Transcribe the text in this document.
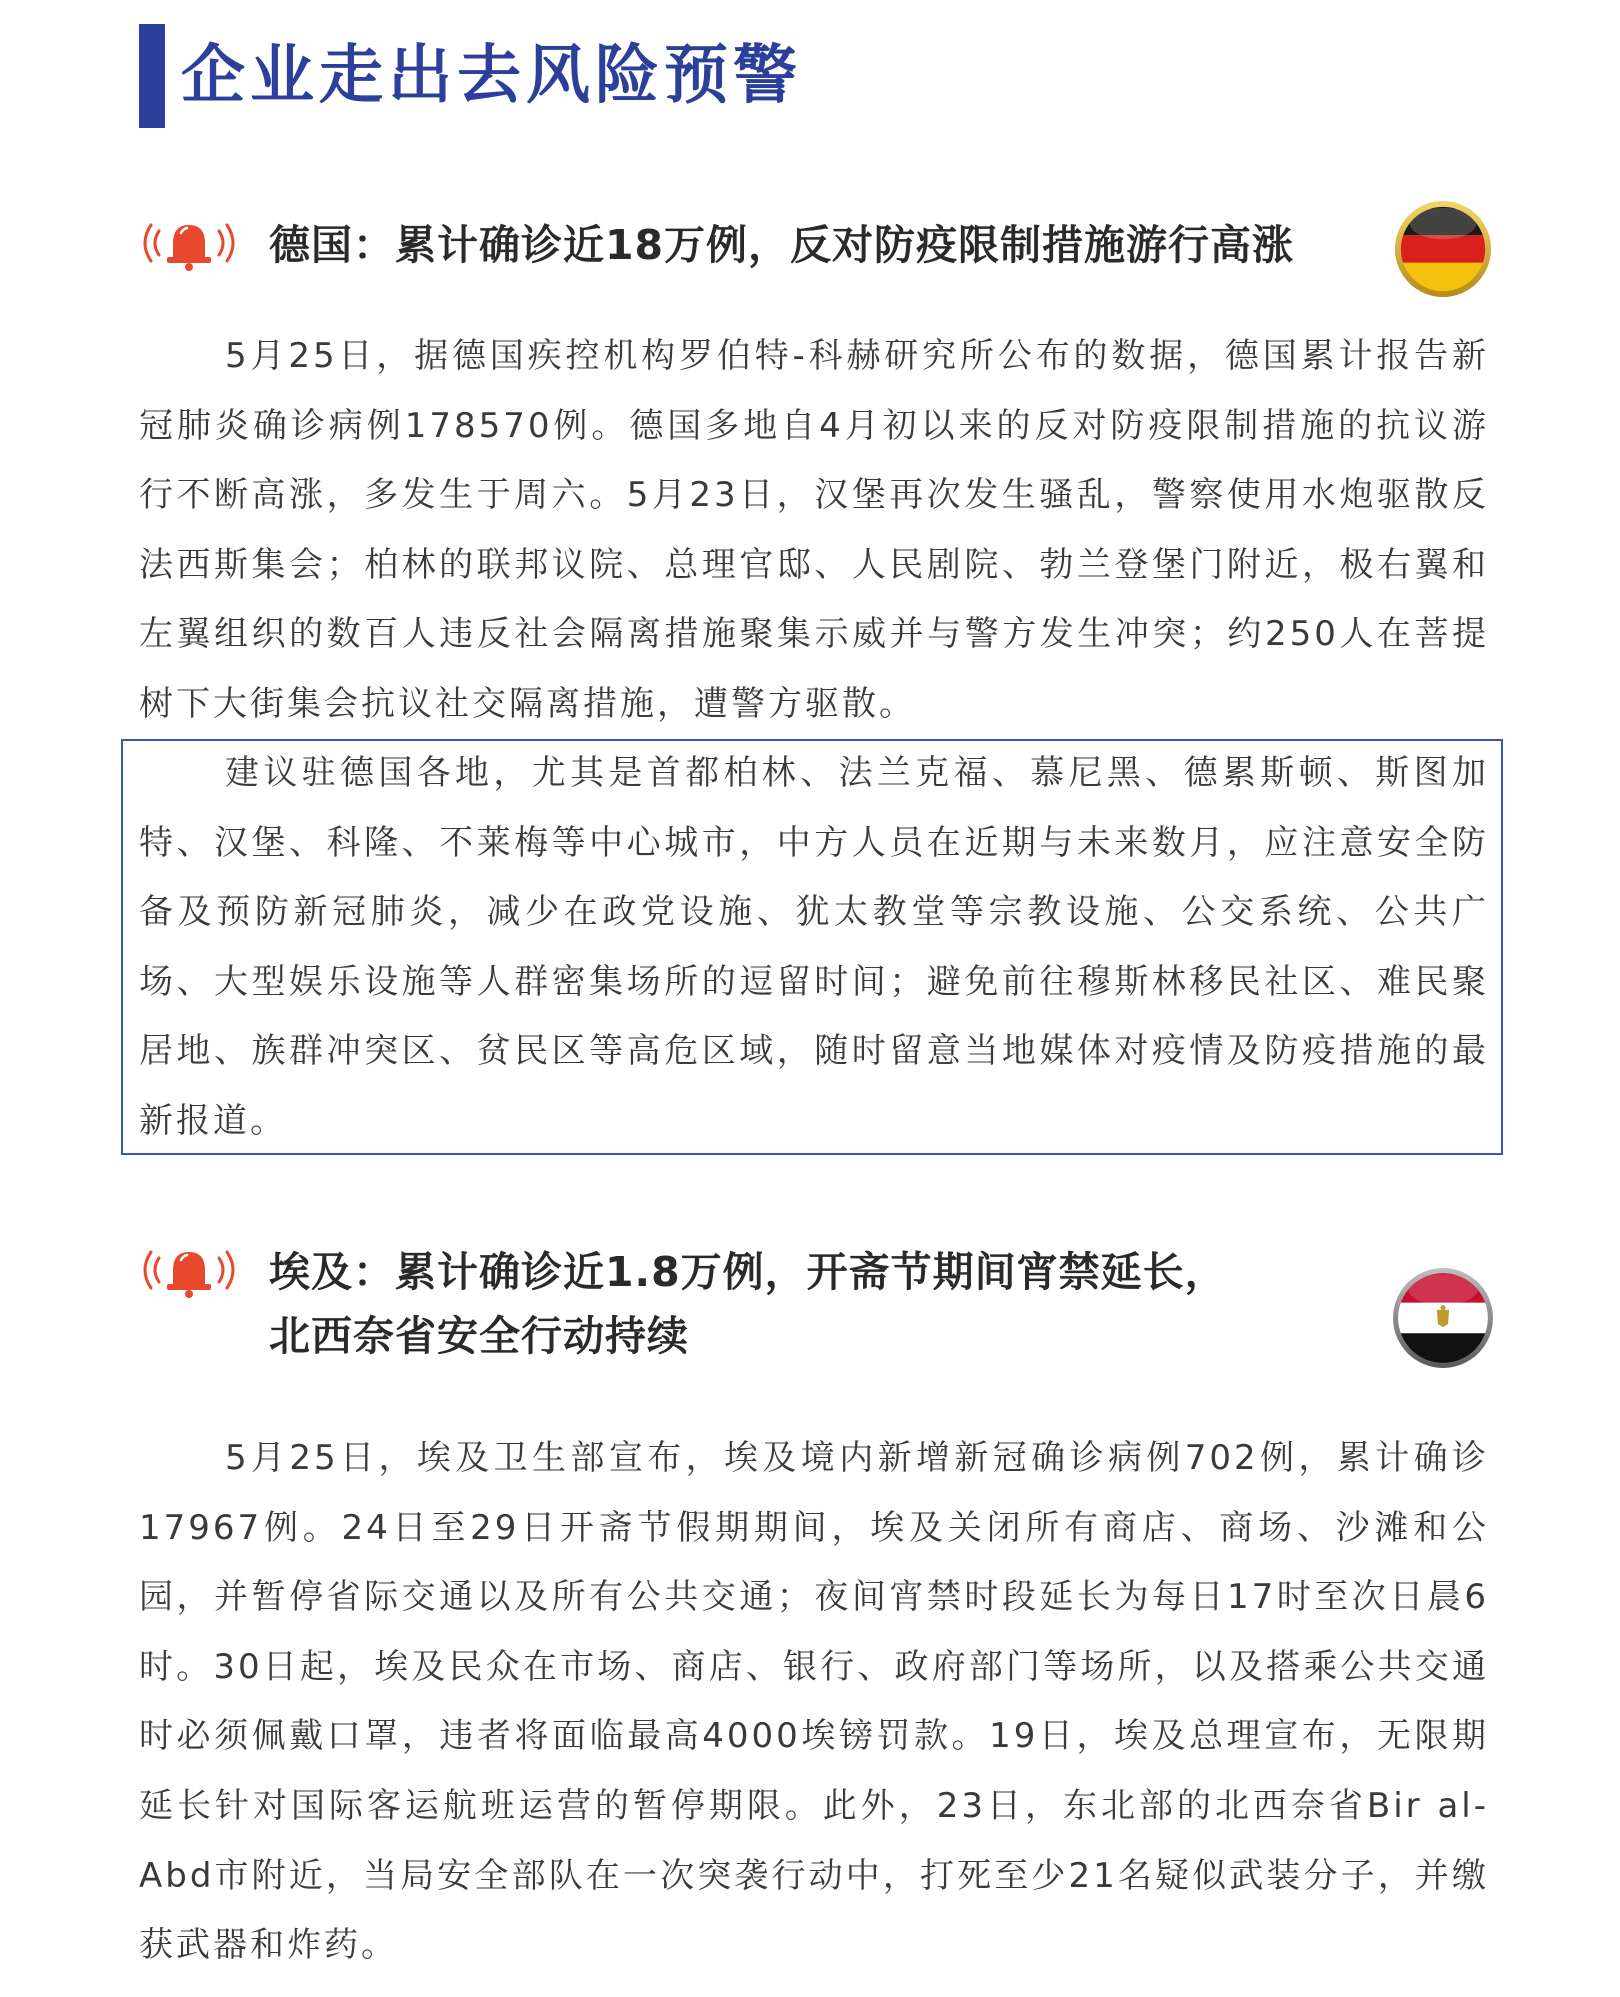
企业走出去风险预警
德国：累计确诊近18万例，反对防疫限制措施游行高涨

5月25日，据德国疾控机构罗伯特-科赫研究所公布的数据，德国累计报告新冠肺炎确诊病例178570例。德国多地自4月初以来的反对防疫限制措施的抗议游行不断高涨，多发生于周六。5月23日，汉堡再次发生骚乱，警察使用水炮驱散反法西斯集会；柏林的联邦议院、总理官邸、人民剧院、勃兰登堡门附近，极右翼和左翼组织的数百人违反社会隔离措施聚集示威并与警方发生冲突；约250人在菩提树下大街集会抗议社交隔离措施，遭警方驱散。

建议驻德国各地，尤其是首都柏林、法兰克福、慕尼黑、德累斯顿、斯图加特、汉堡、科隆、不莱梅等中心城市，中方人员在近期与未来数月，应注意安全防备及预防新冠肺炎，减少在政党设施、犹太教堂等宗教设施、公交系统、公共广场、大型娱乐设施等人群密集场所的逗留时间；避免前往穆斯林移民社区、难民聚居地、族群冲突区、贫民区等高危区域，随时留意当地媒体对疫情及防疫措施的最新报道。

埃及：累计确诊近1.8万例，开斋节期间宵禁延长，
北西奈省安全行动持续

5月25日，埃及卫生部宣布，埃及境内新增新冠确诊病例702例，累计确诊17967例。24日至29日开斋节假期期间，埃及关闭所有商店、商场、沙滩和公园，并暂停省际交通以及所有公共交通；夜间宵禁时段延长为每日17时至次日晨6时。30日起，埃及民众在市场、商店、银行、政府部门等场所，以及搭乘公共交通时必须佩戴口罩，违者将面临最高4000埃镑罚款。19日，埃及总理宣布，无限期延长针对国际客运航班运营的暂停期限。此外，23日，东北部的北西奈省Bir al-Abd市附近，当局安全部队在一次突袭行动中，打死至少21名疑似武装分子，并缴获武器和炸药。
